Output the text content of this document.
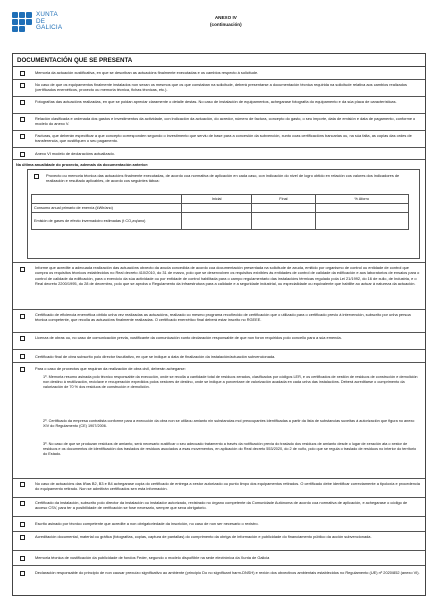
XUNTA
DE
GALICIA
ANEXO IV
(continuación)
DOCUMENTACIÓN QUE SE PRESENTA
Memoria da actuación xustificativa, en que se describan as actuacións finalmente executadas e os cambios respecto á solicitude.
No caso de que os equipamentos finalmente instalados non sexan os mesmos que os que constaban na solicitude, deberá presentarse a documentación técnica requirida na solicitude relativa aos cambios realizados (certificados enerxéticos, proxecto ou memoria técnica, fichas técnicas, etc.).
Fotografías das actuacións realizadas, en que se poidan apreciar claramente o detalle destas. No caso de instalación de equipamentos, achegarase fotografía do equipamento e da súa placa de características.
Relación clasificada e ordenada dos gastos e investimentos da actividade, con indicación da actuación, do acredor, número de factura, concepto do gasto, o seu importe, data de emisión e data de pagamento, conforme o modelo do anexo V.
Facturas, que deberán especificar a que concepto corresponden segundo o investimento que serviu de base para a concesión da subvención, xunto coas certificacións bancarias ou, na súa falta, as copias das ordes de transferencia, que xustifiquen o seu pagamento.
Anexo VI modelo de declaracións actualizado.
Na última anualidade do proxecto, ademais da documentación anterior:
Proxecto ou memoria técnica das actuacións finalmente executadas, de acordo coa normativa de aplicación en cada caso, con indicación do nivel de logro obtido en relación cos valores dos indicadores de realización e resultado aplicables, de acordo cos seguintes táboa:
	Inicial	Final	% Aforro
Consumo anual primario de enerxía (kWh/ano)			
Emisión de gases de efecto invernadoiro estimadas (t CO₂eq/ano)			
Informe que acredite a adecuada realización das actuacións obxecto da axuda concedida de acordo coa documentación presentada na solicitude de axuda, emitido por organismo de control ou entidade de control que cumpra os requisitos técnicos establecidos no Real decreto 410/2010, do 31 de marzo, polo que se desenvolven os requisitos exixibles ás entidades de control de calidade da edificación e aos laboratorios de ensaios para o control de calidade da edificación, para o exercicio da súa actividade ou por entidade de control habilitada para o campo regulamentario das instalacións térmicas regulado pola Lei 21/1992, do 16 de xullo, de Industria, e o Real decreto 2200/1995, do 28 de decembro, polo que se aproba o Regulamento da infraestrutura para a calidade e a seguridade industrial, ou especialidade ou equivalente que habilite ao actuar á natureza da actuación.
Certificado de eficiencia enerxética obtido unha vez realizadas as actuacións, realizado co mesmo programa recoñecido de certificación que o utilizado para o certificado previo á intervención, subscrito por unha persoa técnica competente, que recolla as actuacións finalmente realizadas. O certificado enerxético final deberá estar inscrito no RGEEE.
Licenza de obras ou, no caso de comunicación previa, xustificante da comunicación xunto declaración responsable de que non foron requiridos polo concello para a súa emenda.
Certificado final de obra subscrito polo director facultativo, en que se indique a data de finalización da instalación/actuación subvencionada.
Para o caso de proxectos que requiran da realización de obra civil, deberán achegarse:
1º. Memoria resumo asinada polo técnico responsable da execución, onde se recolla a cantidade total de residuos xerados, clasificados por códigos LER, e os certificados de xestión de residuos de construción e demolición non destino á reutilización, reciclaxe e recuperación expedidos polos xestores de destino, onde se indique a porcentaxe de valorización acadada en cada unha das instalacións. Deberá acreditarse o cumprimento da valorización de 70 % dos residuos de construción e demolición.
2º. Certificado da empresa contratista conforme para a execución da obra non se utilizou amianto nin substancias moi preocupantes identificadas a partir da lista de substancias suxeitas á autorización que figura no anexo XIV do Regulamento (CE) 1907/2006.
3º. No caso de que se produzan residuos de amianto, será necesario xustificar o seu adecuado tratamento a través da notificación previa do traslado dos residuos de amianto desde o lugar de xeración ata o xestor de residuos e os documentos de identificación dos traslados de residuos asociados a esas movementos, en aplicación do Real decreto 553/2020, do 2 de xuño, polo que se regula o traslado de residuos no interior do territorio do Estado.
No caso de actuacións das liñas B2, B3 e B4 achegarase copia do certificado de entrega a xestor autorizado ou punto limpo dos equipamentos retirados. O certificado debe identificar correctamente a tipoloxía e procedencia do equipamento retirado. Non se admitirán certificados sen esta información.
Certificado da instalación, subscrito polo director da instalación ou instalador autorizado, rexistrado no órgano competente da Comunidade Autónoma de acordo coa normativa de aplicación, e achegarase o código de acceso CSV, para ter a posibilidade de verificación se fose necesario, sempre que sexa obrigatorio.
Escrito asinado por técnico competente que acredite a non obrigatoriedade da inscrición, no caso de non ser necesario o rexistro.
Acreditación documental, material ou gráfica (fotografías, copias, captura de pantallas) do cumprimento da obriga de información e publicidade do financiamento público da acción subvencionada.
Memoria técnica de xustificación da publicidade de fondos Feder, segundo o modelo dispoñible na sede electrónica da Xunta de Galicia
Declaración responsable do principio de non causar prexuízo significativo ao ambiente (principio Do no significant harm-DNSH) e rexión dos obxectivos ambientais establecidos no Regulamento (UE) nº 2020/852 (anexo VI).
